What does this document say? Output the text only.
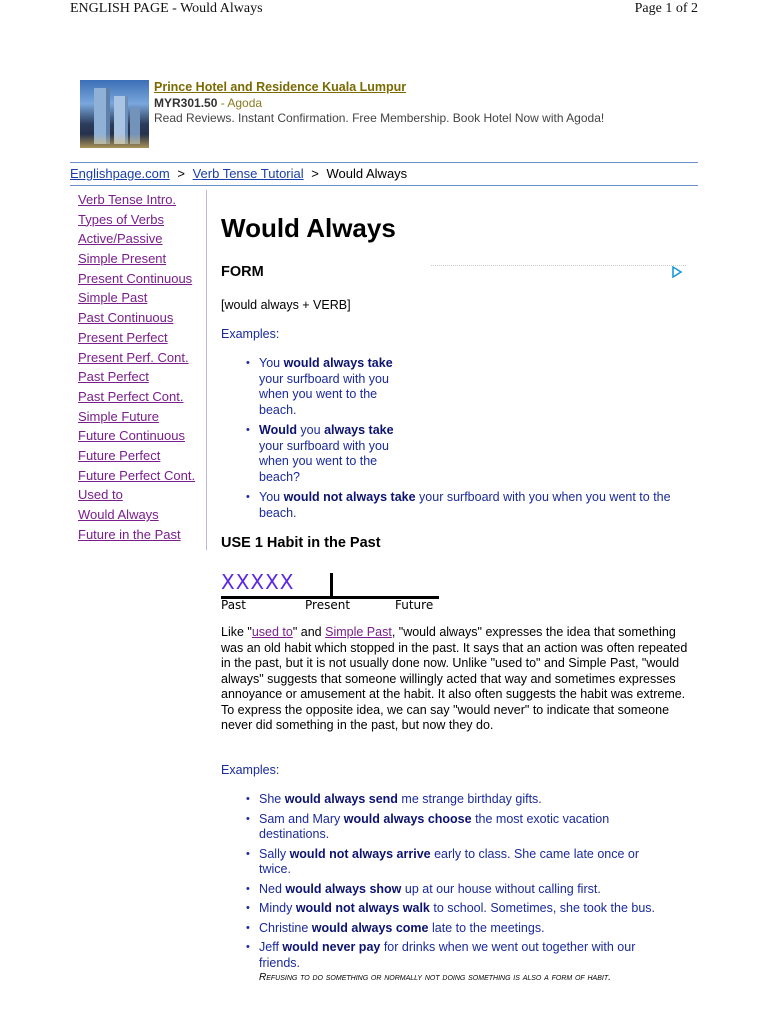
ENGLISH PAGE - Would Always	Page 1 of 2
Prince Hotel and Residence Kuala Lumpur
MYR301.50 - Agoda
Read Reviews. Instant Confirmation. Free Membership. Book Hotel Now with Agoda!
Englishpage.com > Verb Tense Tutorial > Would Always
Verb Tense Intro.
Types of Verbs
Active/Passive
Simple Present
Present Continuous
Simple Past
Past Continuous
Present Perfect
Present Perf. Cont.
Past Perfect
Past Perfect Cont.
Simple Future
Future Continuous
Future Perfect
Future Perfect Cont.
Used to
Would Always
Future in the Past
Would Always
FORM
[would always + VERB]
Examples:
• You would always take your surfboard with you when you went to the beach.
• Would you always take your surfboard with you when you went to the beach?
• You would not always take your surfboard with you when you went to the beach.
USE 1 Habit in the Past
XXXXX
Past	Present	Future
Like "used to" and Simple Past, "would always" expresses the idea that something was an old habit which stopped in the past. It says that an action was often repeated in the past, but it is not usually done now. Unlike "used to" and Simple Past, "would always" suggests that someone willingly acted that way and sometimes expresses annoyance or amusement at the habit. It also often suggests the habit was extreme. To express the opposite idea, we can say "would never" to indicate that someone never did something in the past, but now they do.
Examples:
• She would always send me strange birthday gifts.
• Sam and Mary would always choose the most exotic vacation destinations.
• Sally would not always arrive early to class. She came late once or twice.
• Ned would always show up at our house without calling first.
• Mindy would not always walk to school. Sometimes, she took the bus.
• Christine would always come late to the meetings.
• Jeff would never pay for drinks when we went out together with our friends.
Refusing to do something or normally not doing something is also a form of habit.
